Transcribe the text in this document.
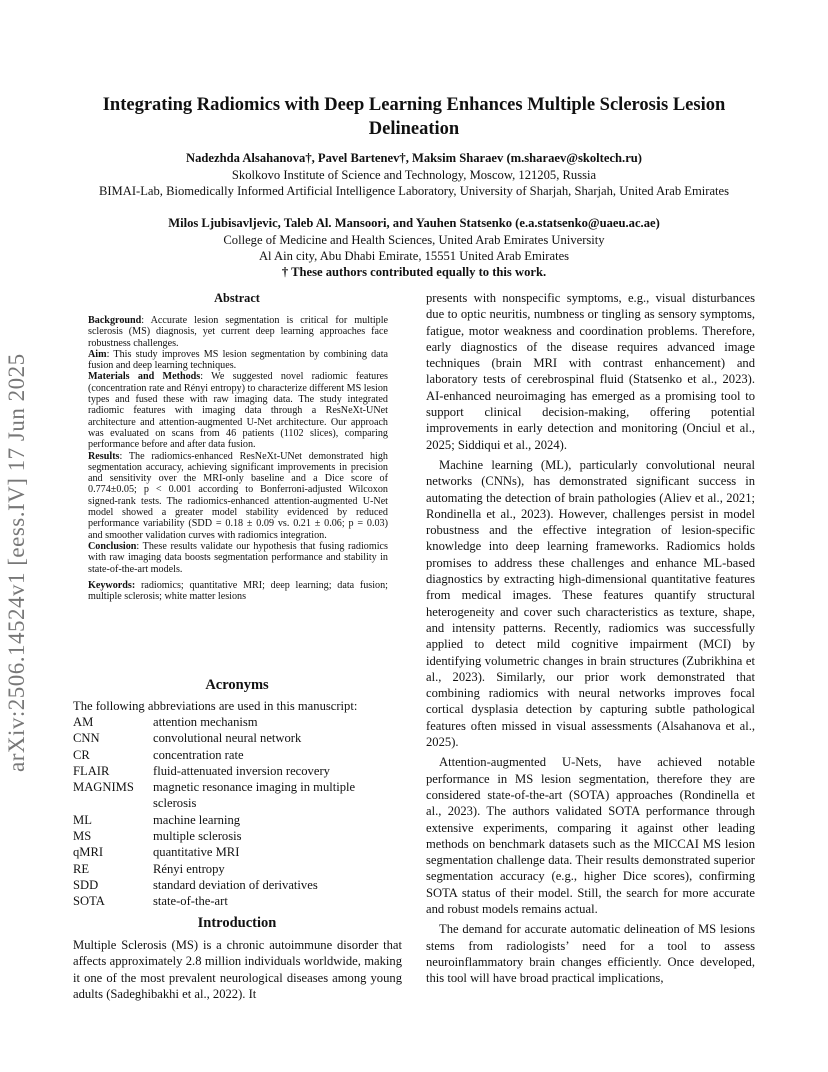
Integrating Radiomics with Deep Learning Enhances Multiple Sclerosis Lesion Delineation
Nadezhda Alsahanova†, Pavel Bartenev†, Maksim Sharaev (m.sharaev@skoltech.ru)
Skolkovo Institute of Science and Technology, Moscow, 121205, Russia
BIMAI-Lab, Biomedically Informed Artificial Intelligence Laboratory, University of Sharjah, Sharjah, United Arab Emirates
Milos Ljubisavljevic, Taleb Al. Mansoori, and Yauhen Statsenko (e.a.statsenko@uaeu.ac.ae)
College of Medicine and Health Sciences, United Arab Emirates University
Al Ain city, Abu Dhabi Emirate, 15551 United Arab Emirates
† These authors contributed equally to this work.
arXiv:2506.14524v1 [eess.IV] 17 Jun 2025
Abstract

Background: Accurate lesion segmentation is critical for multiple sclerosis (MS) diagnosis, yet current deep learning approaches face robustness challenges.

Aim: This study improves MS lesion segmentation by combining data fusion and deep learning techniques.

Materials and Methods: We suggested novel radiomic features (concentration rate and Rényi entropy) to characterize different MS lesion types and fused these with raw imaging data. The study integrated radiomic features with imaging data through a ResNeXt-UNet architecture and attention-augmented U-Net architecture. Our approach was evaluated on scans from 46 patients (1102 slices), comparing performance before and after data fusion.

Results: The radiomics-enhanced ResNeXt-UNet demonstrated high segmentation accuracy, achieving significant improvements in precision and sensitivity over the MRI-only baseline and a Dice score of 0.774±0.05; p < 0.001 according to Bonferroni-adjusted Wilcoxon signed-rank tests. The radiomics-enhanced attention-augmented U-Net model showed a greater model stability evidenced by reduced performance variability (SDD = 0.18 ± 0.09 vs. 0.21 ± 0.06; p = 0.03) and smoother validation curves with radiomics integration.

Conclusion: These results validate our hypothesis that fusing radiomics with raw imaging data boosts segmentation performance and stability in state-of-the-art models.

Keywords: radiomics; quantitative MRI; deep learning; data fusion; multiple sclerosis; white matter lesions

Acronyms
The following abbreviations are used in this manuscript:
AM	attention mechanism
CNN	convolutional neural network
CR	concentration rate
FLAIR	fluid-attenuated inversion recovery
MAGNIMS	magnetic resonance imaging in multiple sclerosis
ML	machine learning
MS	multiple sclerosis
qMRI	quantitative MRI
RE	Rényi entropy
SDD	standard deviation of derivatives
SOTA	state-of-the-art
Introduction

Multiple Sclerosis (MS) is a chronic autoimmune disorder that affects approximately 2.8 million individuals worldwide, making it one of the most prevalent neurological diseases among young adults (Sadeghibakhi et al., 2022). It

presents with nonspecific symptoms, e.g., visual disturbances due to optic neuritis, numbness or tingling as sensory symptoms, fatigue, motor weakness and coordination problems. Therefore, early diagnostics of the disease requires advanced image techniques (brain MRI with contrast enhancement) and laboratory tests of cerebrospinal fluid (Statsenko et al., 2023). AI-enhanced neuroimaging has emerged as a promising tool to support clinical decision-making, offering potential improvements in early detection and monitoring (Onciul et al., 2025; Siddiqui et al., 2024).

Machine learning (ML), particularly convolutional neural networks (CNNs), has demonstrated significant success in automating the detection of brain pathologies (Aliev et al., 2021; Rondinella et al., 2023). However, challenges persist in model robustness and the effective integration of lesion-specific knowledge into deep learning frameworks. Radiomics holds promises to address these challenges and enhance ML-based diagnostics by extracting high-dimensional quantitative features from medical images. These features quantify structural heterogeneity and cover such characteristics as texture, shape, and intensity patterns. Recently, radiomics was successfully applied to detect mild cognitive impairment (MCI) by identifying volumetric changes in brain structures (Zubrikhina et al., 2023). Similarly, our prior work demonstrated that combining radiomics with neural networks improves focal cortical dysplasia detection by capturing subtle pathological features often missed in visual assessments (Alsahanova et al., 2025).

Attention-augmented U-Nets, have achieved notable performance in MS lesion segmentation, therefore they are considered state-of-the-art (SOTA) approaches (Rondinella et al., 2023). The authors validated SOTA performance through extensive experiments, comparing it against other leading methods on benchmark datasets such as the MICCAI MS lesion segmentation challenge data. Their results demonstrated superior segmentation accuracy (e.g., higher Dice scores), confirming SOTA status of their model. Still, the search for more accurate and robust models remains actual.

The demand for accurate automatic delineation of MS lesions stems from radiologists’ need for a tool to assess neuroinflammatory brain changes efficiently. Once developed, this tool will have broad practical implications,
